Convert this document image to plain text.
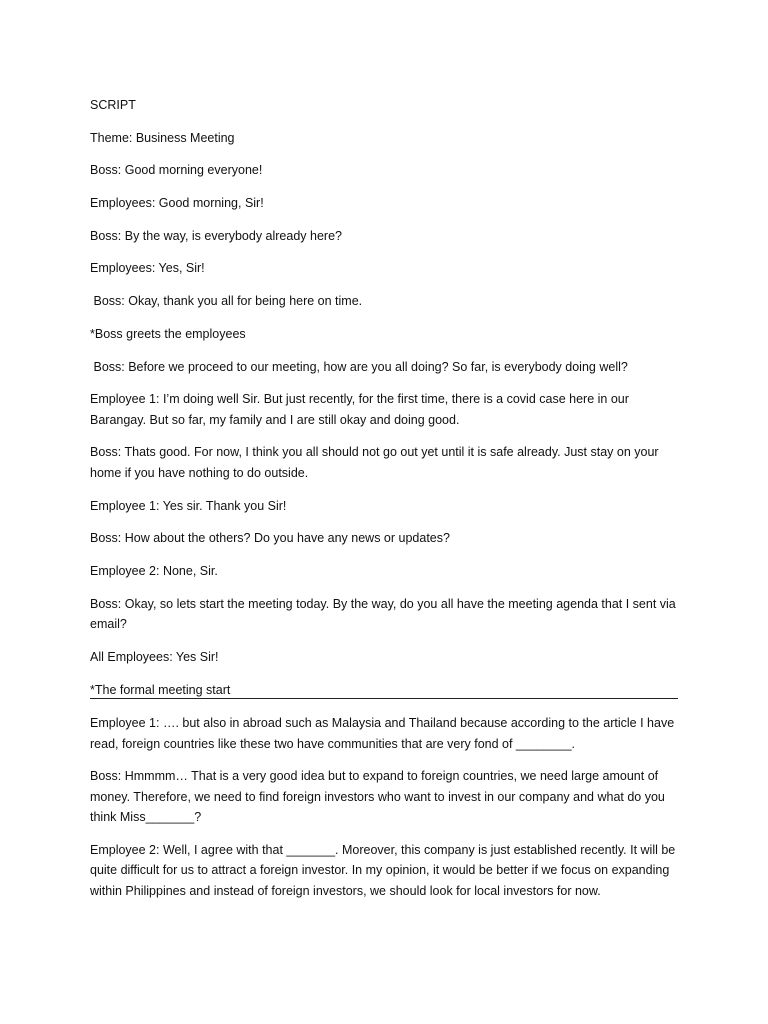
SCRIPT

Theme: Business Meeting

Boss: Good morning everyone!

Employees: Good morning, Sir!

Boss: By the way, is everybody already here?

Employees: Yes, Sir!

Boss: Okay, thank you all for being here on time.

*Boss greets the employees

Boss: Before we proceed to our meeting, how are you all doing? So far, is everybody doing well?

Employee 1: I’m doing well Sir. But just recently, for the first time, there is a covid case here in our Barangay. But so far, my family and I are still okay and doing good.

Boss: Thats good. For now, I think you all should not go out yet until it is safe already. Just stay on your home if you have nothing to do outside.

Employee 1: Yes sir. Thank you Sir!

Boss: How about the others? Do you have any news or updates?

Employee 2: None, Sir.

Boss: Okay, so lets start the meeting today. By the way, do you all have the meeting agenda that I sent via email?

All Employees: Yes Sir!

*The formal meeting start

Employee 1: …. but also in abroad such as Malaysia and Thailand because according to the article I have read, foreign countries like these two have communities that are very fond of ________.

Boss: Hmmmm… That is a very good idea but to expand to foreign countries, we need large amount of money. Therefore, we need to find foreign investors who want to invest in our company and what do you think Miss_______?

Employee 2: Well, I agree with that _______. Moreover, this company is just established recently. It will be quite difficult for us to attract a foreign investor. In my opinion, it would be better if we focus on expanding within Philippines and instead of foreign investors, we should look for local investors for now.
